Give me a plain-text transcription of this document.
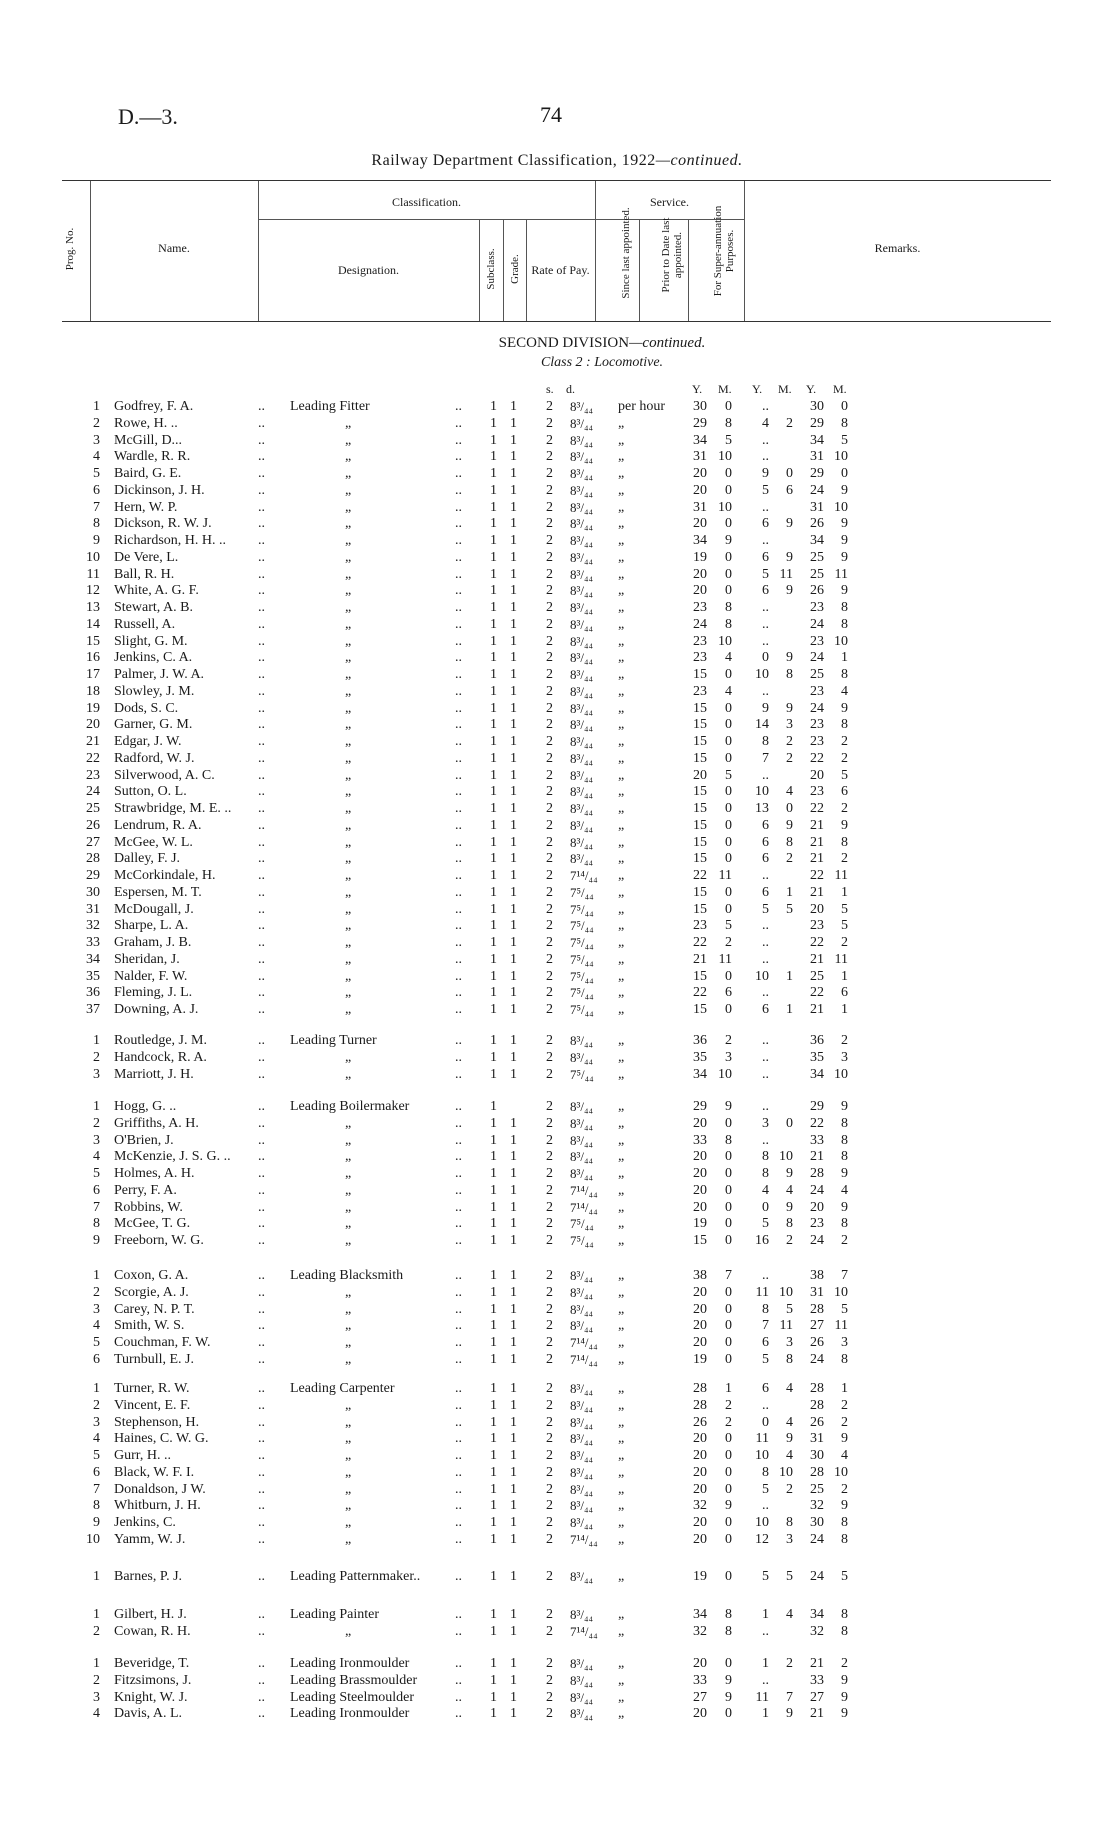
D.—3.	74
Railway Department Classification, 1922—continued.
Prog. No.	Name.
Classification.
Designation.	Subclass. Grade. Rate of Pay.
Service.
Since last appointed.	Prior to Date last appointed.	For Super-annuation Purposes.	Remarks.
SECOND DIVISION—continued.
Class 2 : Locomotive.
s. d.	Y. M. Y. M. Y. M.
1 Godfrey, F. A.	.. Leading Fitter	.. 1 1 2 8³/₄₄ per hour	30	0	..	30	0
2 Rowe, H. ..	..	„	.. 1 1 2 8³/₄₄ „	29	8	4	2	29	8
3 McGill, D...	..	„	.. 1 1 2 8³/₄₄ „	34	5	..	34	5
4 Wardle, R. R.	..	„	.. 1 1 2 8³/₄₄ „	31 10	..	31 10
5 Baird, G. E.	..	„	.. 1 1 2 8³/₄₄ „	20	0	9	0	29	0
6 Dickinson, J. H.	..	„	.. 1 1 2 8³/₄₄ „	20	0	5	6	24	9
7 Hern, W. P.	..	„	.. 1 1 2 8³/₄₄ „	31 10	..	31 10
8 Dickson, R. W. J.	..	„	.. 1 1 2 8³/₄₄ „	20	0	6	9	26	9
9 Richardson, H. H. .. ..	„	.. 1 1 2 8³/₄₄ „	34	9	..	34	9
10 De Vere, L.	..	„	.. 1 1 2 8³/₄₄ „	19	0	6	9	25	9
11 Ball, R. H.	..	„	.. 1 1 2 8³/₄₄ „	20	0	5 11	25 11
12 White, A. G. F.	..	„	.. 1 1 2 8³/₄₄ „	20	0	6	9	26	9
13 Stewart, A. B.	..	„	.. 1 1 2 8³/₄₄ „	23	8	..	23	8
14 Russell, A.	..	„	.. 1 1 2 8³/₄₄ „	24	8	..	24	8
15 Slight, G. M.	..	„	.. 1 1 2 8³/₄₄ „	23 10	..	23 10
16 Jenkins, C. A.	..	„	.. 1 1 2 8³/₄₄ „	23	4	0	9	24	1
17 Palmer, J. W. A.	..	„	.. 1 1 2 8³/₄₄ „	15	0	10	8	25	8
18 Slowley, J. M.	..	„	.. 1 1 2 8³/₄₄ „	23	4	..	23	4
19 Dods, S. C.	..	„	.. 1 1 2 8³/₄₄ „	15	0	9	9	24	9
20 Garner, G. M.	..	„	.. 1 1 2 8³/₄₄ „	15	0	14	3	23	8
21 Edgar, J. W.	..	„	.. 1 1 2 8³/₄₄ „	15	0	8	2	23	2
22 Radford, W. J.	..	„	.. 1 1 2 8³/₄₄ „	15	0	7	2	22	2
23 Silverwood, A. C.	..	„	.. 1 1 2 8³/₄₄ „	20	5	..	20	5
24 Sutton, O. L.	..	„	.. 1 1 2 8³/₄₄ „	15	0	10	4	23	6
25 Strawbridge, M. E. .. ..	„	.. 1 1 2 8³/₄₄ „	15	0	13	0	22	2
26 Lendrum, R. A.	..	„	.. 1 1 2 8³/₄₄ „	15	0	6	9	21	9
27 McGee, W. L.	..	„	.. 1 1 2 8³/₄₄ „	15	0	6	8	21	8
28 Dalley, F. J.	..	„	.. 1 1 2 8³/₄₄ „	15	0	6	2	21	2
29 McCorkindale, H.	..	„	.. 1 1 2 7¹⁴/₄₄ „	22 11	..	22 11
30 Espersen, M. T.	..	„	.. 1 1 2 7⁵/₄₄ „	15	0	6	1	21	1
31 McDougall, J.	..	„	.. 1 1 2 7⁵/₄₄ „	15	0	5	5	20	5
32 Sharpe, L. A.	..	„	.. 1 1 2 7⁵/₄₄ „	23	5	..	23	5
33 Graham, J. B.	..	„	.. 1 1 2 7⁵/₄₄ „	22	2	..	22	2
34 Sheridan, J.	..	„	.. 1 1 2 7⁵/₄₄ „	21 11	..	21 11
35 Nalder, F. W.	..	„	.. 1 1 2 7⁵/₄₄ „	15	0	10	1	25	1
36 Fleming, J. L.	..	„	.. 1 1 2 7⁵/₄₄ „	22	6	..	22	6
37 Downing, A. J.	..	„	.. 1 1 2 7⁵/₄₄ „	15	0	6	1	21	1
1 Routledge, J. M.	.. Leading Turner	.. 1 1 2 8³/₄₄ „	36	2	..	36	2
2 Handcock, R. A.	..	„	.. 1 1 2 8³/₄₄ „	35	3	..	35	3
3 Marriott, J. H.	..	„	.. 1 1 2 7⁵/₄₄ „	34 10	..	34 10
1 Hogg, G. ..	.. Leading Boilermaker	.. 1	2 8³/₄₄ „	29	9	..	29	9
2 Griffiths, A. H.	..	„	.. 1 1 2 8³/₄₄ „	20	0	3	0	22	8
3 O'Brien, J.	..	„	.. 1 1 2 8³/₄₄ „	33	8	..	33	8
4 McKenzie, J. S. G. .. ..	„	.. 1 1 2 8³/₄₄ „	20	0	8 10	21	8
5 Holmes, A. H.	..	„	.. 1 1 2 8³/₄₄ „	20	0	8	9	28	9
6 Perry, F. A.	..	„	.. 1 1 2 7¹⁴/₄₄ „	20	0	4	4	24	4
7 Robbins, W.	..	„	.. 1 1 2 7¹⁴/₄₄ „	20	0	0	9	20	9
8 McGee, T. G.	..	„	.. 1 1 2 7⁵/₄₄ „	19	0	5	8	23	8
9 Freeborn, W. G.	..	„	.. 1 1 2 7⁵/₄₄ „	15	0	16	2	24	2
1 Coxon, G. A.	.. Leading Blacksmith	.. 1 1 2 8³/₄₄ „	38	7	..	38	7
2 Scorgie, A. J.	..	„	.. 1 1 2 8³/₄₄ „	20	0	11 10	31 10
3 Carey, N. P. T.	..	„	.. 1 1 2 8³/₄₄ „	20	0	8	5	28	5
4 Smith, W. S.	..	„	.. 1 1 2 8³/₄₄ „	20	0	7 11	27 11
5 Couchman, F. W.	..	„	.. 1 1 2 7¹⁴/₄₄ „	20	0	6	3	26	3
6 Turnbull, E. J.	..	„	.. 1 1 2 7¹⁴/₄₄ „	19	0	5	8	24	8
1 Turner, R. W.	.. Leading Carpenter	.. 1 1 2 8³/₄₄ „	28	1	6	4	28	1
2 Vincent, E. F.	..	„	.. 1 1 2 8³/₄₄ „	28	2	..	28	2
3 Stephenson, H.	..	„	.. 1 1 2 8³/₄₄ „	26	2	0	4	26	2
4 Haines, C. W. G.	..	„	.. 1 1 2 8³/₄₄ „	20	0	11	9	31	9
5 Gurr, H. ..	..	„	.. 1 1 2 8³/₄₄ „	20	0	10	4	30	4
6 Black, W. F. I.	..	„	.. 1 1 2 8³/₄₄ „	20	0	8 10	28 10
7 Donaldson, J W.	..	„	.. 1 1 2 8³/₄₄ „	20	0	5	2	25	2
8 Whitburn, J. H.	..	„	.. 1 1 2 8³/₄₄ „	32	9	..	32	9
9 Jenkins, C.	..	„	.. 1 1 2 8³/₄₄ „	20	0	10	8	30	8
10 Yamm, W. J.	..	„	.. 1 1 2 7¹⁴/₄₄ „	20	0	12	3	24	8
1 Barnes, P. J.	.. Leading Patternmaker.. .. 1 1 2 8³/₄₄ „	19	0	5	5	24	5
1 Gilbert, H. J.	.. Leading Painter	.. 1 1 2 8³/₄₄ „	34	8	1	4	34	8
2 Cowan, R. H.	..	„	.. 1 1 2 7¹⁴/₄₄ „	32	8	..	32	8
1 Beveridge, T.	.. Leading Ironmoulder	.. 1 1 2 8³/₄₄ „	20	0	1	2	21	2
2 Fitzsimons, J.	.. Leading Brassmoulder	.. 1 1 2 8³/₄₄ „	33	9	..	33	9
3 Knight, W. J.	.. Leading Steelmoulder	.. 1 1 2 8³/₄₄ „	27	9	11	7	27	9
4 Davis, A. L.	.. Leading Ironmoulder	.. 1 1 2 8³/₄₄ „	20	0	1	9	21	9
